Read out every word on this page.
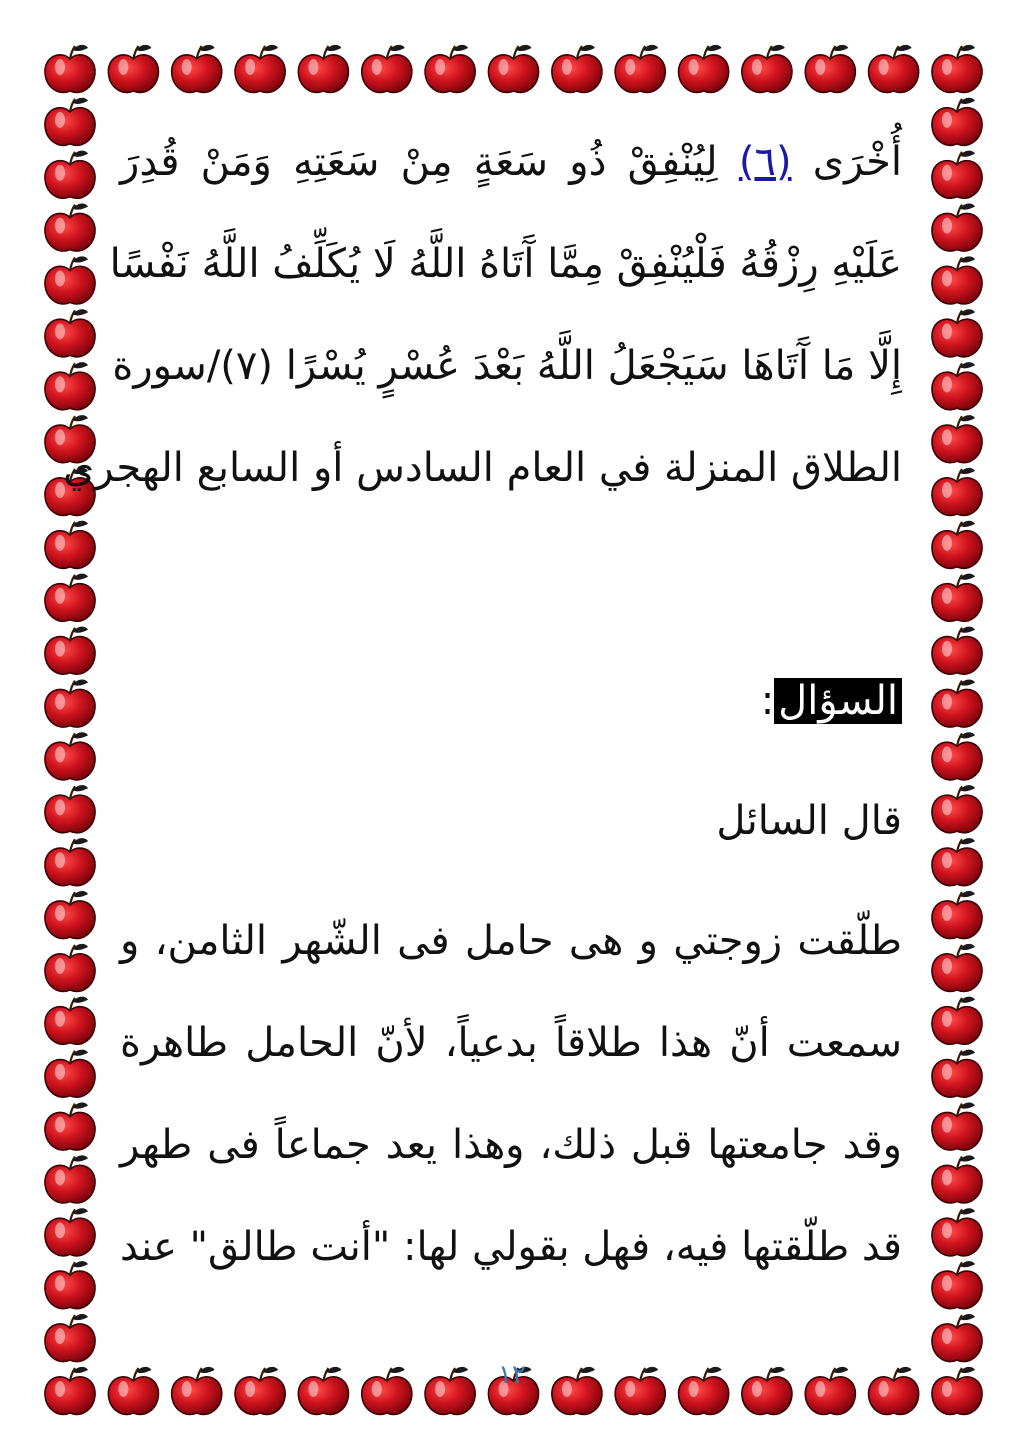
أُخْرَى (٦) لِيُنْفِقْ ذُو سَعَةٍ مِنْ سَعَتِهِ وَمَنْ قُدِرَ
عَلَيْهِ رِزْقُهُ فَلْيُنْفِقْ مِمَّا آَتَاهُ اللَّهُ لَا يُكَلِّفُ اللَّهُ نَفْسًا
إِلَّا مَا آَتَاهَا سَيَجْعَلُ اللَّهُ بَعْدَ عُسْرٍ يُسْرًا (٧)/سورة
الطلاق المنزلة في العام السادس أو السابع الهجري
السؤال:
قال السائل
طلّقت زوجتي و هى حامل فى الشّهر الثامن، و
سمعت أنّ هذا طلاقاً بدعياً، لأنّ الحامل طاهرة
وقد جامعتها قبل ذلك، وهذا يعد جماعاً فى طهر
قد طلّقتها فيه، فهل بقولي لها: "أنت طالق" عند
١٢
